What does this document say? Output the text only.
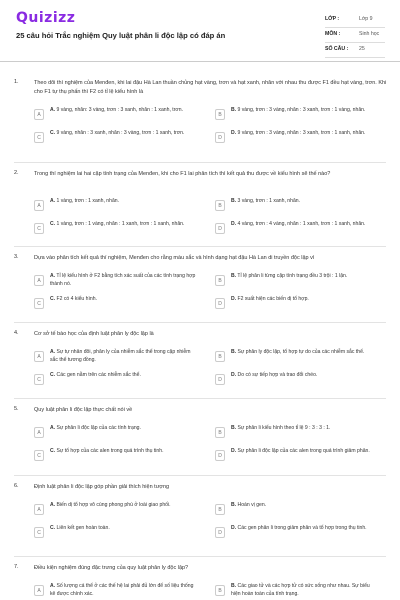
Quizizz
25 câu hỏi Trắc nghiệm Quy luật phân li độc lập có đáp án
LỚP :	Lớp 9
MÔN :	Sinh học
SỐ CÂU : 25
1.	Theo dõi thí nghiệm của Menđen, khi lai đậu Hà Lan thuần chủng hạt vàng, trơn và hạt xanh, nhăn với nhau thu được F1 đều hạt vàng, trơn. Khi cho F1 tự thụ phấn thì F2 có tỉ lệ kiểu hình là
A
A. 9 vàng, nhăn: 3 vàng, trơn : 3 xanh, nhăn : 1 xanh, trơn.
B
B. 9 vàng, trơn : 3 vàng, nhăn : 3 xanh, trơn : 1 vàng, nhăn.
C
C. 9 vàng, nhăn : 3 xanh, nhăn : 3 vàng, trơn : 1 xanh, trơn.
D
D. 9 vàng, trơn : 3 vàng, nhăn : 3 xanh, trơn : 1 xanh, nhăn.
2.	Trong thí nghiệm lai hai cặp tính trạng của Menđen, khi cho F1 lai phân tích thì kết quả thu được về kiểu hình sẽ thế nào?
A
A. 1 vàng, trơn : 1 xanh, nhăn.
B
B. 3 vàng, trơn : 1 xanh, nhăn.
C
C. 1 vàng, trơn : 1 vàng, nhăn : 1 xanh, trơn : 1 xanh, nhăn.
D
D. 4 vàng, trơn : 4 vàng, nhăn : 1 xanh, trơn : 1 xanh, nhăn.
3.	Dựa vào phân tích kết quả thí nghiệm, Menđen cho rằng màu sắc và hình dạng hạt đậu Hà Lan di truyền độc lập vì
A
A. Tỉ lệ kiểu hình ở F2 bằng tích xác suất của các tính trạng hợp thành nó.	B
B. Tỉ lệ phân li từng cặp tính trạng đều 3 trội : 1 lặn.
C
C. F2 có 4 kiểu hình.
D
D. F2 xuất hiện các biến dị tổ hợp.
4.	Cơ sở tế bào học của định luật phân ly độc lập là
A
A. Sự tự nhân đôi, phân ly của nhiễm sắc thể trong cặp nhiễm sắc thể tương đồng.	B
B. Sự phân ly độc lập, tổ hợp tự do của các nhiễm sắc thể.
C
C. Các gen nằm trên các nhiễm sắc thể.
D
D. Do có sự tiếp hợp và trao đổi chéo.
5.	Quy luật phân li độc lập thực chất nói về
A
A. Sự phân li độc lập của các tính trạng.
B
B. Sự phân li kiểu hình theo tỉ lệ 9 : 3 : 3 : 1.
C
C. Sự tổ hợp của các alen trong quá trình thụ tinh.
D
D. Sự phân li độc lập của các alen trong quá trình giảm phân.
6.	Định luật phân li độc lập góp phần giải thích hiện tượng
A
A. Biến dị tổ hợp vô cùng phong phú ở loài giao phối.
B
B. Hoán vị gen.
C
C. Liên kết gen hoàn toàn.
D
D. Các gen phân li trong giảm phân và tổ hợp trong thụ tinh.
7.	Điều kiện nghiệm đúng đặc trưng của quy luật phân ly độc lập?
A
A. Số lượng cá thể ở các thế hệ lai phải đủ lớn để số liệu thống kê được chính xác.	B
B. Các giao tử và các hợp tử có sức sống như nhau. Sự biểu hiện hoàn toàn của tính trạng.
